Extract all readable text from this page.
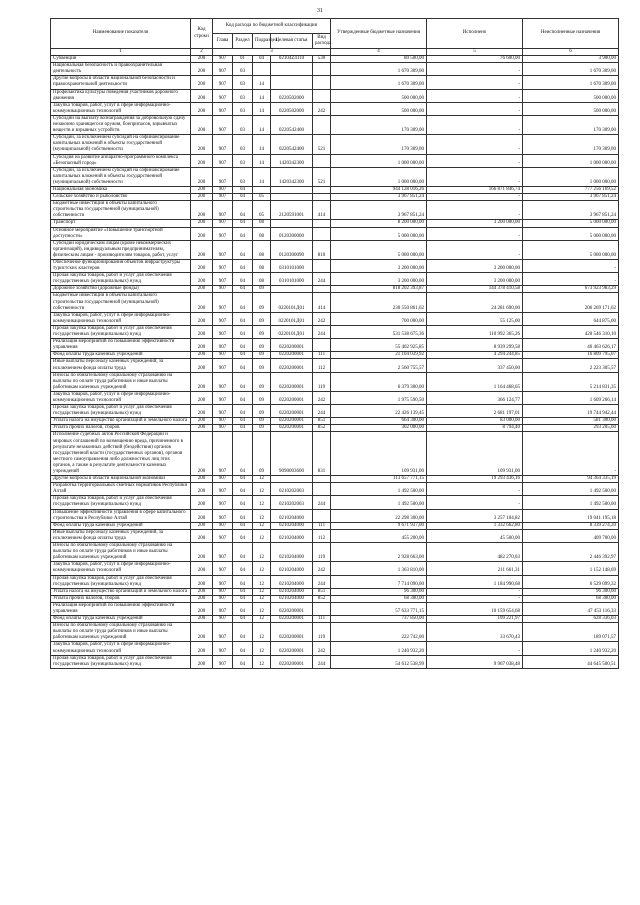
31
Наименование показателя	Код строки	Код расхода по бюджетной классификации					Утвержденные бюджетные назначения	Исполнено	Неисполненные назначения
		Глава	Раздел	Подраздел	Целевая статья	Вид расхода			
1	2	3					4	5	6
Субвенции	200	907	01	04	02104Z4110	530	80 500,00	76 600,00	3 900,00
Национальная безопасность и правоохранительная деятельность	200	907	03				1 670 309,00	-	1 670 309,00
Другие вопросы в области национальной безопасности и правоохранительной деятельности	200	907	03	14			1 670 309,00	-	1 670 309,00
Профилактика культуры поведения участников дорожного движения	200	907	03	14	0220502000		500 000,00	-	500 000,00
Закупка товаров, работ, услуг в сфере информационно-коммуникационных технологий	200	907	03	14	0220502000	242	500 000,00	-	500 000,00
Субсидии на выплату вознаграждения за добровольную сдачу незаконно хранящегося оружия, боеприпасов, взрывчатых веществ и взрывных устройств	200	907	03	14	0220542400		170 309,00	-	170 309,00
Субсидии, за исключением субсидий на софинансирование капитальных вложений в объекты государственной (муниципальной) собственности	200	907	03	14	0220542400	521	170 309,00	-	170 309,00
Субсидия на развитие аппаратно-программного комплекса «Безопасный город»	200	907	03	14	1420342300		1 000 000,00	-	1 000 000,00
Субсидии, за исключением субсидий на софинансирование капитальных вложений в объекты государственной (муниципальной) собственности	200	907	03	14	1420342300	521	1 000 000,00	-	1 000 000,00
Национальная экономика	200	907	04				944 128 016,26	166 871 846,74	777 256 169,52
Сельское хозяйство и рыболовство	200	907	04	05			3 967 851,24	-	3 967 851,24
Бюджетные инвестиции в объекты капитального строительства государственной (муниципальной) собственности	200	907	04	05	2120591001	414	3 967 851,24	-	3 967 851,24
Транспорт	200	907	04	08			8 200 000,00	3 200 000,00	5 000 000,00
Основное мероприятие «Повышение транспортной доступности»	200	907	04	08	0120300000		5 000 000,00	-	5 000 000,00
Субсидии юридическим лицам (кроме некоммерческих организаций), индивидуальным предпринимателям, физическим лицам - производителям товаров, работ, услуг	200	907	04	08	0120300090	810	5 000 000,00	-	5 000 000,00
Обеспечение функционирования объектов инфраструктуры туристских кластеров	200	907	04	08	0310101000		3 200 000,00	3 200 000,00	-
Прочая закупка товаров, работ и услуг для обеспечения государственных (муниципальных) нужд	200	907	04	08	0310101000	244	3 200 000,00	3 200 000,00	-
Дорожное хозяйство (дорожные фонды)	200	907	04	09			818 202 393,87	144 378 410,58	673 923 983,29
Бюджетные инвестиции в объекты капитального строительства государственной (муниципальной) собственности	200	907	04	09	0220101Д01	414	230 550 861,62	24 281 690,00	206 269 171,62
Закупка товаров, работ, услуг в сфере информационно-коммуникационных технологий	200	907	04	09	0220101Д01	242	700 000,00	55 125,00	644 875,00
Прочая закупка товаров, работ и услуг для обеспечения государственных (муниципальных) нужд	200	907	04	09	0220101Д01	244	531 538 675,36	110 992 365,26	420 546 310,10
Реализация мероприятий по повышению эффективности управления	200	907	04	09	0220200001		55 402 925,85	8 939 299,58	46 463 626,17
Фонд оплаты труда казенных учреждений	200	907	04	09	0220200001	111	21 104 039,92	4 294 244,85	16 809 795,07
Иные выплаты персоналу казенных учреждений, за исключением фонда оплаты труда	200	907	04	09	0220200001	112	2 560 755,57	337 450,00	2 223 305,57
Взносы по обязательному социальному страхованию на выплаты по оплате труда работников и иные выплаты работникам казенных учреждений	200	907	04	09	0220200001	119	6 379 300,00	1 164 468,65	5 214 831,35
Закупка товаров, работ, услуг в сфере информационно-коммуникационных технологий	200	907	04	09	0220200001	242	1 975 590,50	366 124,77	1 609 266,14
Прочая закупка товаров, работ и услуг для обеспечения государственных (муниципальных) нужд	200	907	04	09	0220200001	244	22 426 139,45	2 681 197,01	19 744 942,44
Уплата налога на имущество организаций и земельного налога	200	907	04	09	0220200001	851	664 300,00	83 000,00	581 300,00
Уплата прочих налогов, сборов	200	907	04	09	0220200001	852	302 000,00	8 794,40	293 205,60
Исполнение судебных актов Российской Федерации и мировых соглашений по возмещению вреда, причиненного в результате незаконных действий (бездействия) органов государственной власти (государственных органов), органов местного самоуправления либо должностных лиц этих органов, а также в результате деятельности казенных учреждений	200	907	04	09	9090003600	831	109 931,00	109 931,00	-
Другие вопросы в области национальной экономики	200	907	04	12			113 657 771,15	19 293 436,16	94 364 335,19
Разработка территориальных сметных нормативов Республики Алтай	200	907	04	12	0210202003		1 492 500,00	-	1 492 500,00
Прочая закупка товаров, работ и услуг для обеспечения государственных (муниципальных) нужд	200	907	04	12	0210202003	244	1 492 500,00	-	1 492 500,00
Повышение эффективности управления в сфере капитального строительства в Республике Алтай	200	907	04	12	0210204000		22 298 300,00	3 257 104,82	19 041 195,18
Фонд оплаты труда казенных учреждений	200	907	04	12	0210204000	111	9 671 937,00	1 332 662,80	8 339 274,20
Иные выплаты персоналу казенных учреждений, за исключением фонда оплаты труда	200	907	04	12	0210204000	112	455 200,00	45 500,00	409 700,00
Взносы по обязательному социальному страхованию на выплаты по оплате труда работников и иные выплаты работникам казенных учреждений	200	907	04	12	0210204000	119	2 928 663,00	482 270,03	2 446 392,97
Закупка товаров, работ, услуг в сфере информационно-коммуникационных технологий	200	907	04	12	0210204000	242	1 363 810,00	211 661,31	1 152 148,69
Прочая закупка товаров, работ и услуг для обеспечения государственных (муниципальных) нужд	200	907	04	12	0210204000	244	7 714 090,00	1 184 990,68	6 529 099,32
Уплата налога на имущество организаций и земельного налога	200	907	04	12	0210204000	851	96 300,00	-	96 300,00
Уплата прочих налогов, сборов	200	907	04	12	0210204000	852	68 300,00	-	68 300,00
Реализация мероприятий по повышению эффективности управления	200	907	04	12	0220200001		57 633 771,15	10 159 654,68	47 453 116,33
Фонд оплаты труда казенных учреждений	200	907	04	12	0220200001	111	737 850,00	109 221,97	628 336,03
Взносы по обязательному социальному страхованию на выплаты по оплате труда работников и иные выплаты работникам казенных учреждений	200	907	04	12	0220200001	119	222 742,00	33 670,43	189 071,57
Закупка товаров, работ, услуг в сфере информационно-коммуникационных технологий	200	907	04	12	0220200001	242	1 240 932,20	-	1 240 932,20
Прочая закупка товаров, работ и услуг для обеспечения государственных (муниципальных) нужд	200	907	04	12	0220200001	244	54 612 538,99	9 967 038,48	44 645 500,51
